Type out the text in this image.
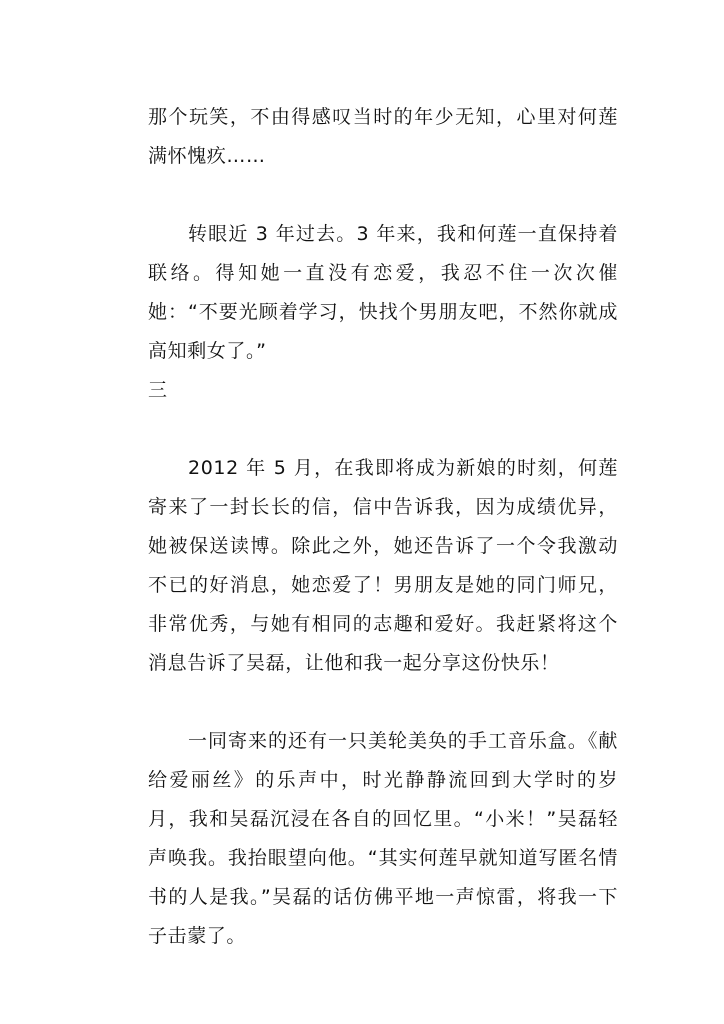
那个玩笑，不由得感叹当时的年少无知，心里对何莲满怀愧疚……

转眼近 3 年过去。3 年来，我和何莲一直保持着联络。得知她一直没有恋爱，我忍不住一次次催她：“不要光顾着学习，快找个男朋友吧，不然你就成高知剩女了。”

三

2012 年 5 月，在我即将成为新娘的时刻，何莲寄来了一封长长的信，信中告诉我，因为成绩优异，她被保送读博。除此之外，她还告诉了一个令我激动不已的好消息，她恋爱了！男朋友是她的同门师兄，非常优秀，与她有相同的志趣和爱好。我赶紧将这个消息告诉了吴磊，让他和我一起分享这份快乐！

一同寄来的还有一只美轮美奂的手工音乐盒。《献给爱丽丝》的乐声中，时光静静流回到大学时的岁月，我和吴磊沉浸在各自的回忆里。“小米！”吴磊轻声唤我。我抬眼望向他。“其实何莲早就知道写匿名情书的人是我。”吴磊的话仿佛平地一声惊雷，将我一下子击蒙了。
